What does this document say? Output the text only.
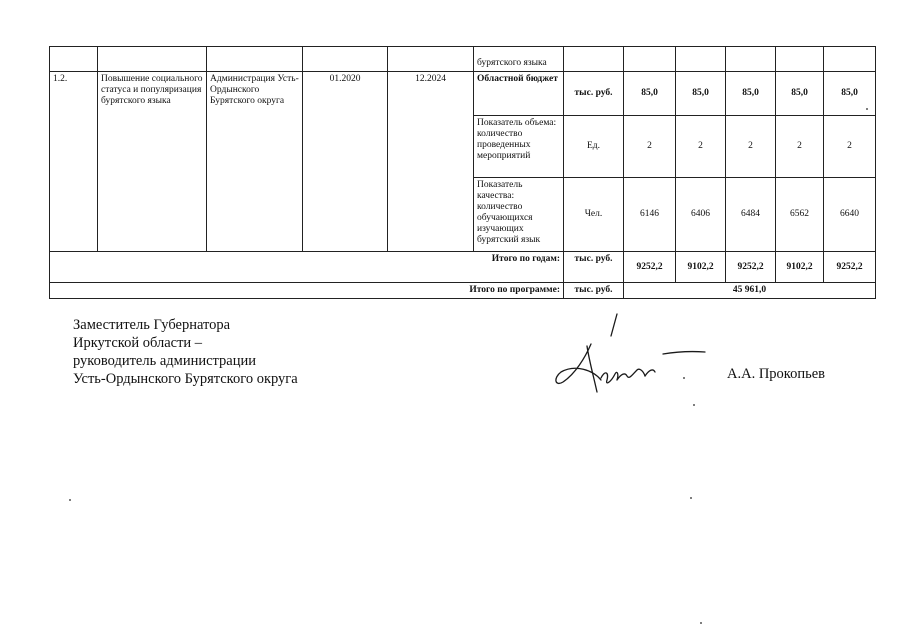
					бурятского языка						
1.2.	Повышение социального статуса и популяризация бурятского языка	Администрация Усть-Ордынского Бурятского округа	01.2020	12.2024	Областной бюджет	тыс. руб.	85,0	85,0	85,0	85,0	85,0
					Показатель объема: количество проведенных мероприятий	Ед.	2	2	2	2	2
					Показатель качества: количество обучающихся изучающих бурятский язык	Чел.	6146	6406	6484	6562	6640
Итого по годам:						тыс. руб.	9252,2	9102,2	9252,2	9102,2	9252,2
Итого по программе:						тыс. руб.	45 961,0				
Заместитель Губернатора
Иркутской области –
руководитель администрации
Усть-Ордынского Бурятского округа	А.А. Прокопьев
